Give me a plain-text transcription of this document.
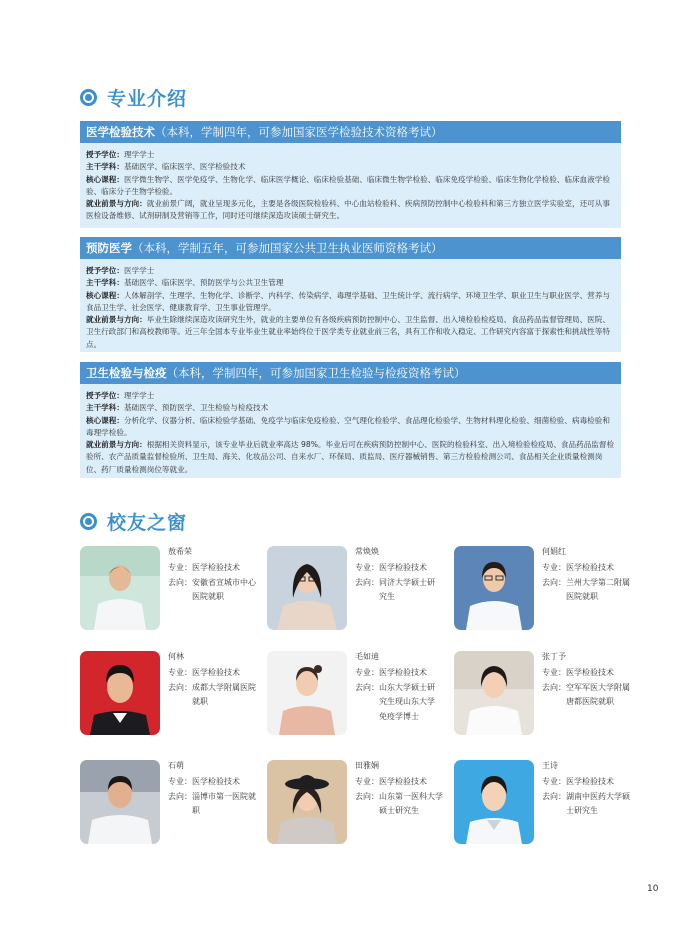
专业介绍
医学检验技术（本科，学制四年，可参加国家医学检验技术资格考试）

授予学位：理学学士

主干学科：基础医学、临床医学、医学检验技术

核心课程：医学微生物学、医学免疫学、生物化学、临床医学概论、临床检验基础、临床微生物学检验、临床免疫学检验、临床生物化学检验、临床血液学检验、临床分子生物学检验。

就业前景与方向：就业前景广阔，就业呈现多元化，主要是各级医院检验科、中心血站检验科、疾病预防控制中心检验科和第三方独立医学实验室，还可从事医检设备维修、试剂研制及营销等工作，同时还可继续深造攻读硕士研究生。

预防医学（本科，学制五年，可参加国家公共卫生执业医师资格考试）

授予学位：医学学士

主干学科：基础医学、临床医学、预防医学与公共卫生管理

核心课程：人体解剖学、生理学、生物化学、诊断学、内科学、传染病学、毒理学基础、卫生统计学、流行病学、环境卫生学、职业卫生与职业医学、营养与食品卫生学、社会医学、健康教育学、卫生事业管理学。

就业前景与方向：毕业生除继续深造攻读研究生外，就业的主要单位有各级疾病预防控制中心、卫生监督、出入境检验检疫局、食品药品监督管理局、医院、卫生行政部门和高校教师等。近三年全国本专业毕业生就业率始终位于医学类专业就业前三名，具有工作和收入稳定、工作研究内容富于探索性和挑战性等特点。

卫生检验与检疫（本科，学制四年，可参加国家卫生检验与检疫资格考试）

授予学位：理学学士

主干学科：基础医学、预防医学、卫生检验与检疫技术

核心课程：分析化学、仪器分析、临床检验学基础、免疫学与临床免疫检验、空气理化检验学、食品理化检验学、生物材料理化检验、细菌检验、病毒检验和毒理学检验。

就业前景与方向：根据相关资料显示，该专业毕业后就业率高达 98%。毕业后可在疾病预防控制中心、医院的检验科室、出入境检验检疫局、食品药品监督检验所、农产品质量监督检验所、卫生局、海关、化妆品公司、自来水厂、环保局、质监局、医疗器械销售、第三方检验检测公司、食品相关企业质量检测岗位、药厂质量检测岗位等就业。

校友之窗
敖希荣
专业： 医学检验技术
去向： 安徽省宣城市中心医院就职
常焕焕
专业： 医学检验技术
去向： 同济大学硕士研究生
何娟红
专业： 医学检验技术
去向： 兰州大学第二附属医院就职
何林
专业： 医学检验技术
去向： 成都大学附属医院就职
毛如迪
专业： 医学检验技术
去向： 山东大学硕士研究生现山东大学免疫学博士
张丁予
专业： 医学检验技术
去向： 空军军医大学附属唐都医院就职
石萌
专业： 医学检验技术
去向： 淄博市第一医院就职
田雅娴
专业： 医学检验技术
去向： 山东第一医科大学硕士研究生
王诗
专业： 医学检验技术
去向： 湖南中医药大学硕士研究生
10
